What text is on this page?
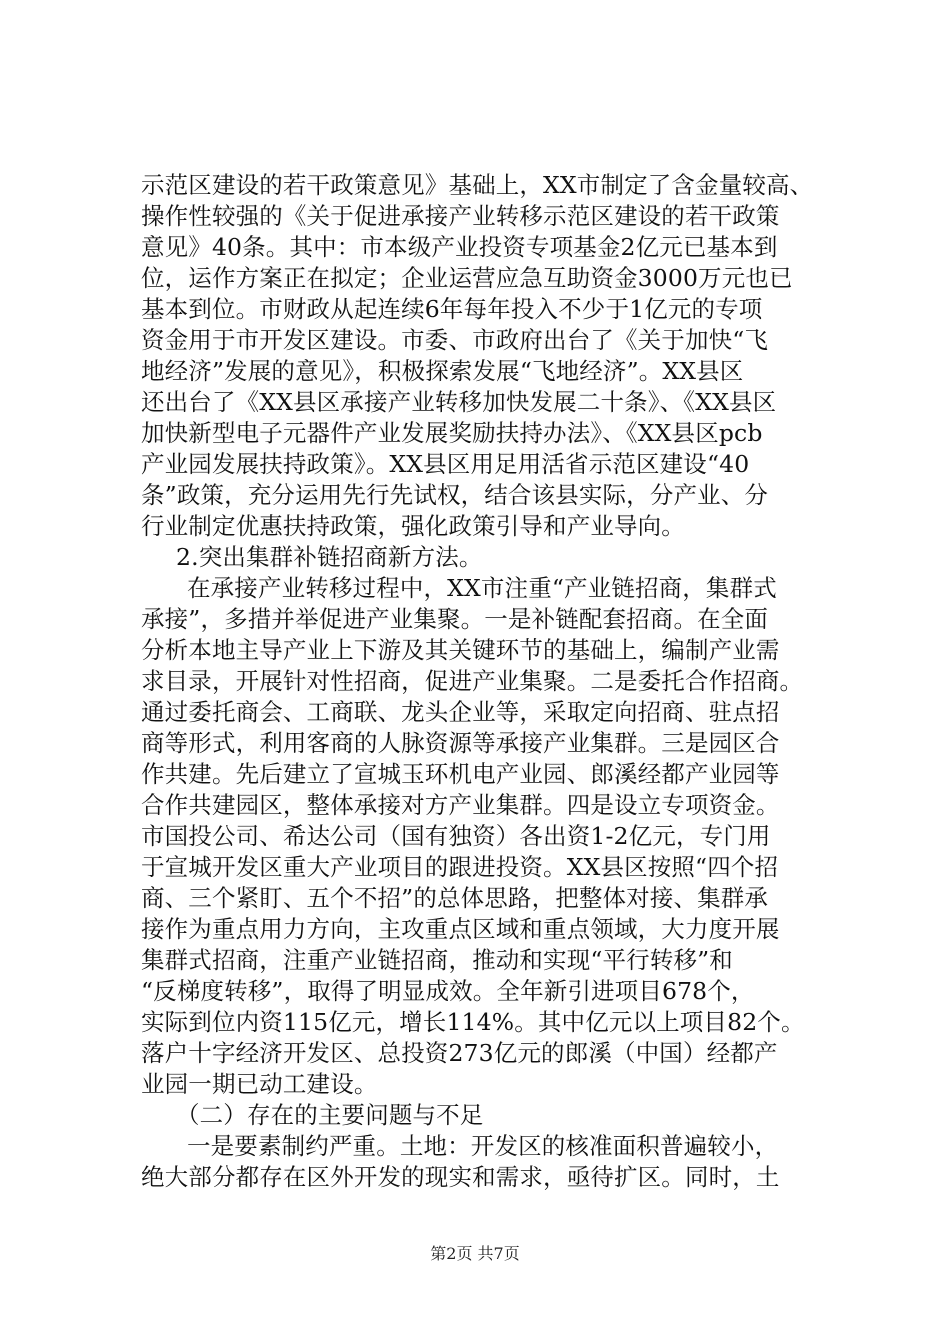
示范区建设的若干政策意见》基础上，XX市制定了含金量较高、
操作性较强的《关于促进承接产业转移示范区建设的若干政策
意见》40条。其中：市本级产业投资专项基金2亿元已基本到
位，运作方案正在拟定；企业运营应急互助资金3000万元也已
基本到位。市财政从起连续6年每年投入不少于1亿元的专项
资金用于市开发区建设。市委、市政府出台了《关于加快“飞
地经济”发展的意见》，积极探索发展“飞地经济”。XX县区
还出台了《XX县区承接产业转移加快发展二十条》、《XX县区
加快新型电子元器件产业发展奖励扶持办法》、《XX县区pcb
产业园发展扶持政策》。XX县区用足用活省示范区建设“40
条”政策，充分运用先行先试权，结合该县实际，分产业、分
行业制定优惠扶持政策，强化政策引导和产业导向。
2.突出集群补链招商新方法。
在承接产业转移过程中，XX市注重“产业链招商，集群式
承接”，多措并举促进产业集聚。一是补链配套招商。在全面
分析本地主导产业上下游及其关键环节的基础上，编制产业需
求目录，开展针对性招商，促进产业集聚。二是委托合作招商。
通过委托商会、工商联、龙头企业等，采取定向招商、驻点招
商等形式，利用客商的人脉资源等承接产业集群。三是园区合
作共建。先后建立了宣城玉环机电产业园、郎溪经都产业园等
合作共建园区，整体承接对方产业集群。四是设立专项资金。
市国投公司、希达公司（国有独资）各出资1-2亿元，专门用
于宣城开发区重大产业项目的跟进投资。XX县区按照“四个招
商、三个紧盯、五个不招”的总体思路，把整体对接、集群承
接作为重点用力方向，主攻重点区域和重点领域，大力度开展
集群式招商，注重产业链招商，推动和实现“平行转移”和
“反梯度转移”，取得了明显成效。全年新引进项目678个，
实际到位内资115亿元，增长114%。其中亿元以上项目82个。
落户十字经济开发区、总投资273亿元的郎溪（中国）经都产
业园一期已动工建设。
（二）存在的主要问题与不足
一是要素制约严重。土地：开发区的核准面积普遍较小，
绝大部分都存在区外开发的现实和需求，亟待扩区。同时，土
第2页 共7页
